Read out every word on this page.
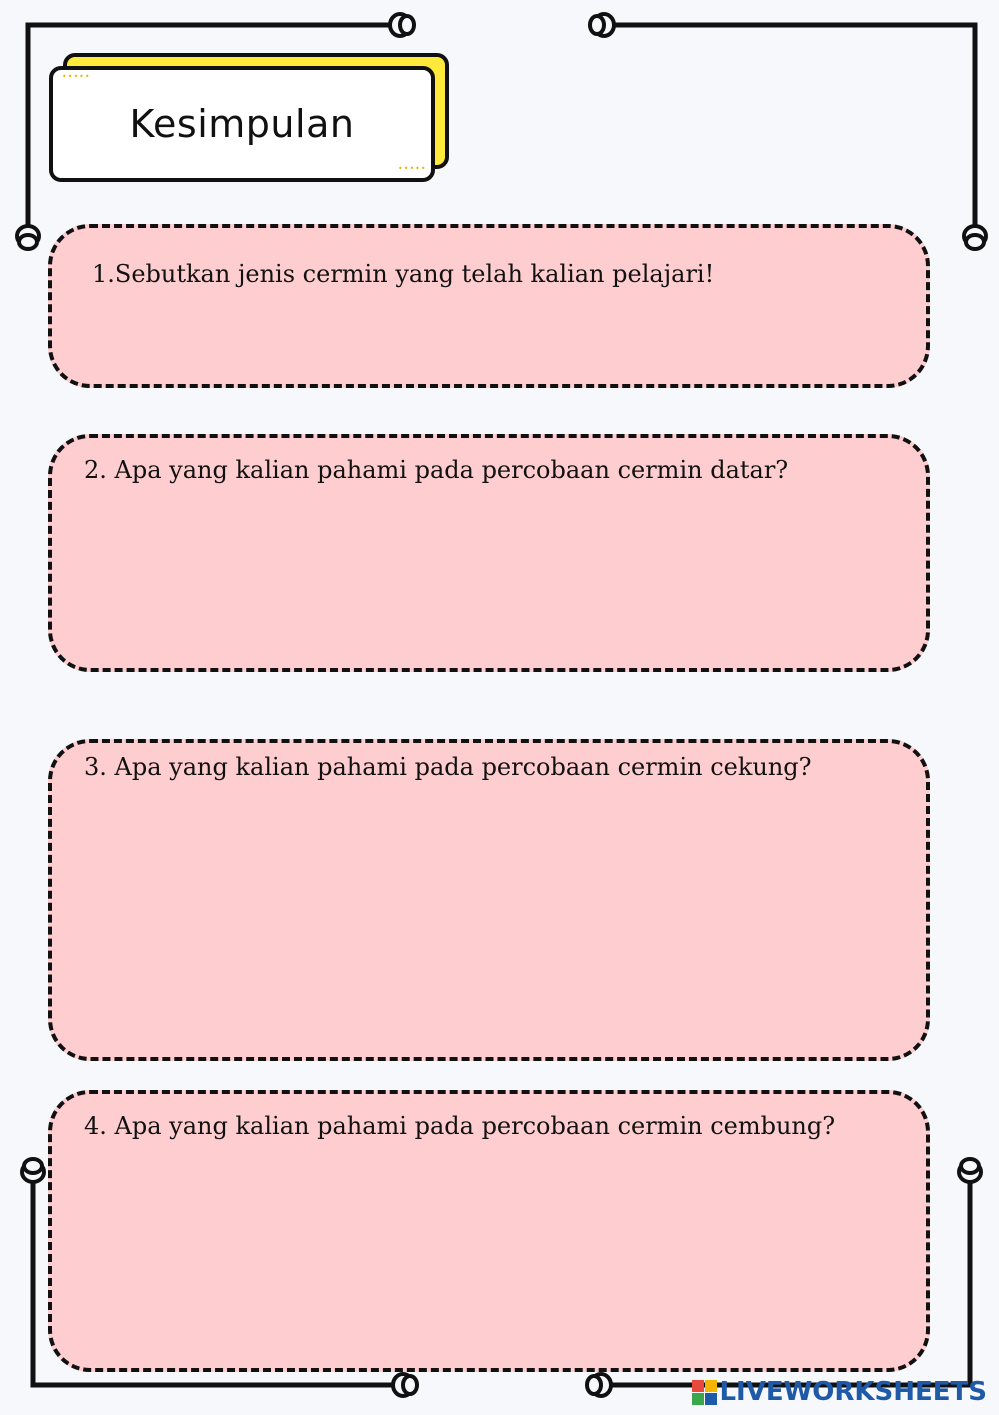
Kesimpulan
•••••
•••••
1.Sebutkan jenis cermin yang telah kalian pelajari!
2. Apa yang kalian pahami pada percobaan cermin datar?
3. Apa yang kalian pahami pada percobaan cermin cekung?
4. Apa yang kalian pahami pada percobaan cermin cembung?
LIVEWORKSHEETS
